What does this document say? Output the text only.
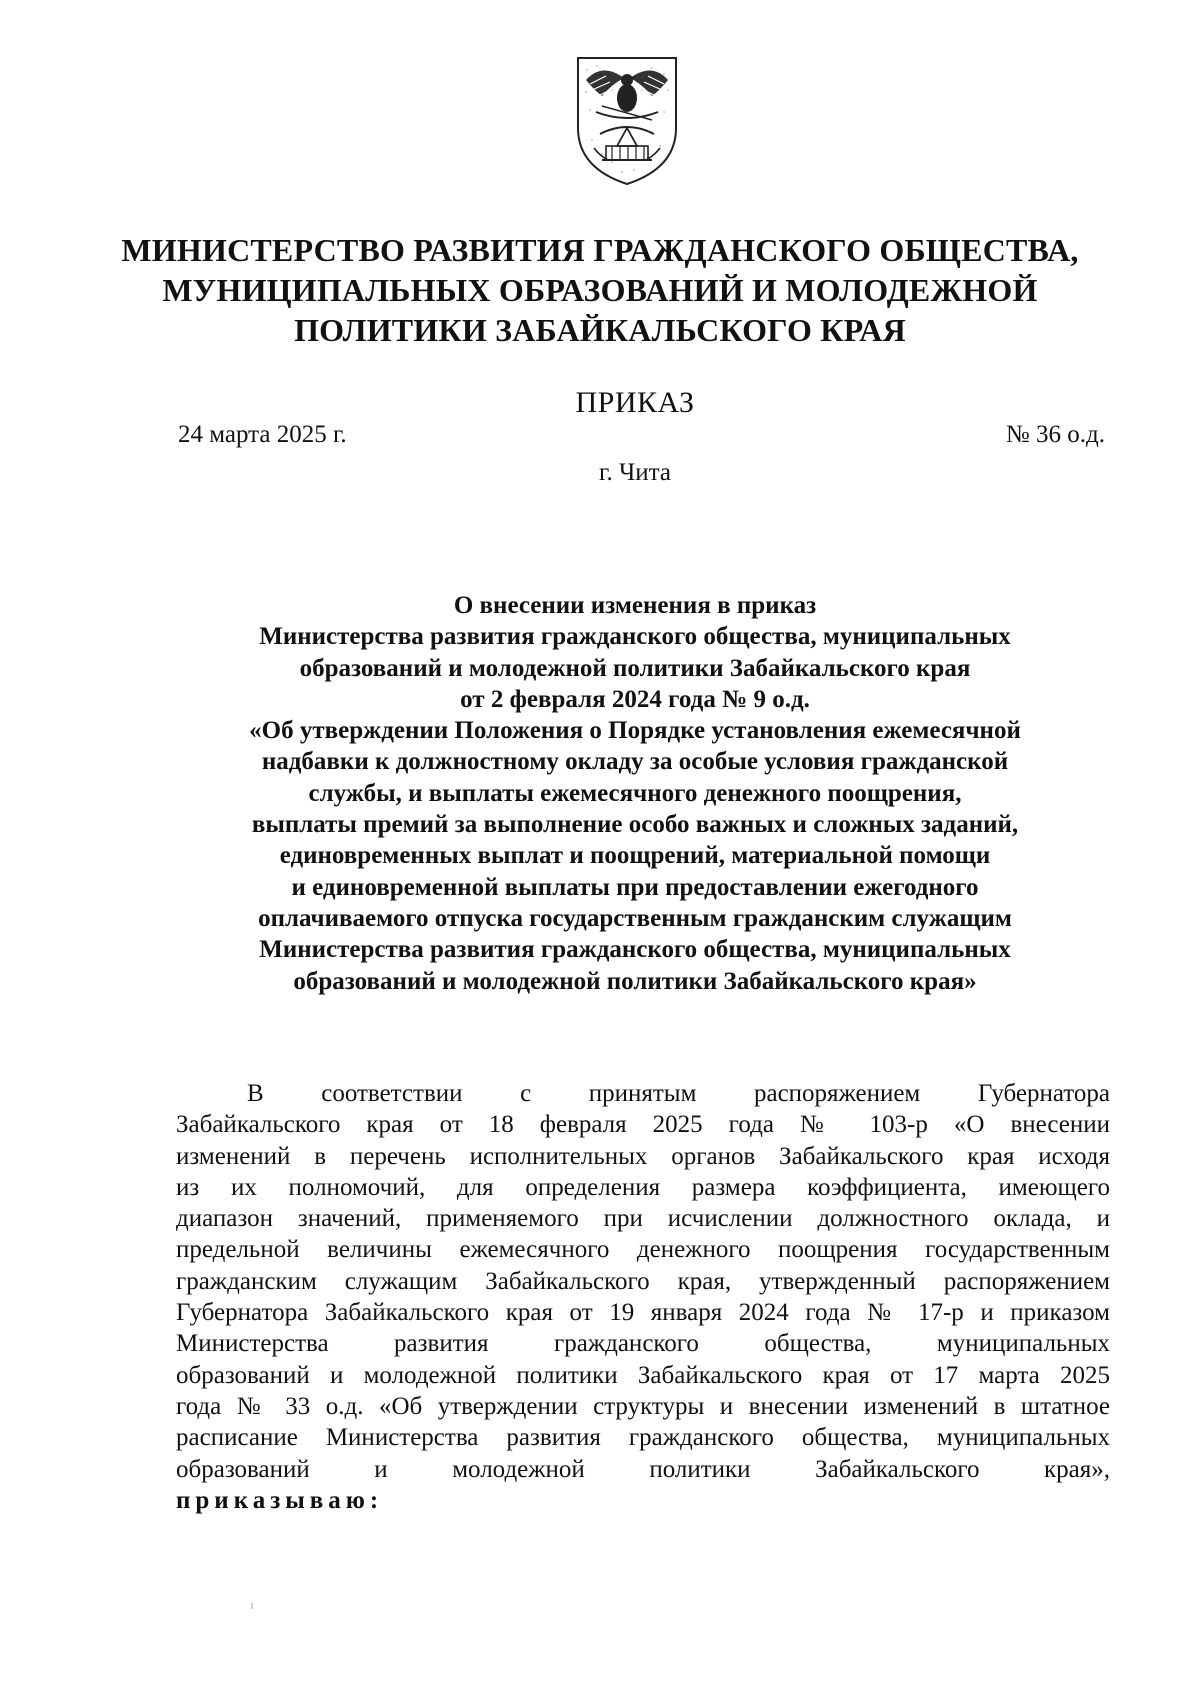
МИНИСТЕРСТВО РАЗВИТИЯ ГРАЖДАНСКОГО ОБЩЕСТВА,
МУНИЦИПАЛЬНЫХ ОБРАЗОВАНИЙ И МОЛОДЕЖНОЙ
ПОЛИТИКИ ЗАБАЙКАЛЬСКОГО КРАЯ
ПРИКАЗ
24 марта 2025 г.	№ 36 о.д.
г. Чита
О внесении изменения в приказ
Министерства развития гражданского общества, муниципальных
образований и молодежной политики Забайкальского края
от 2 февраля 2024 года № 9 о.д.
«Об утверждении Положения о Порядке установления ежемесячной
надбавки к должностному окладу за особые условия гражданской
службы, и выплаты ежемесячного денежного поощрения,
выплаты премий за выполнение особо важных и сложных заданий,
единовременных выплат и поощрений, материальной помощи
и единовременной выплаты при предоставлении ежегодного
оплачиваемого отпуска государственным гражданским служащим
Министерства развития гражданского общества, муниципальных
образований и молодежной политики Забайкальского края»
В соответствии с принятым распоряжением Губернатора
Забайкальского края от 18 февраля 2025 года № 103-р «О внесении
изменений в перечень исполнительных органов Забайкальского края исходя
из их полномочий, для определения размера коэффициента, имеющего
диапазон значений, применяемого при исчислении должностного оклада, и
предельной величины ежемесячного денежного поощрения государственным
гражданским служащим Забайкальского края, утвержденный распоряжением
Губернатора Забайкальского края от 19 января 2024 года № 17-р и приказом
Министерства развития гражданского общества, муниципальных
образований и молодежной политики Забайкальского края от 17 марта 2025
года № 33 о.д. «Об утверждении структуры и внесении изменений в штатное
расписание Министерства развития гражданского общества, муниципальных
образований и молодежной политики Забайкальского края»,
приказываю:
